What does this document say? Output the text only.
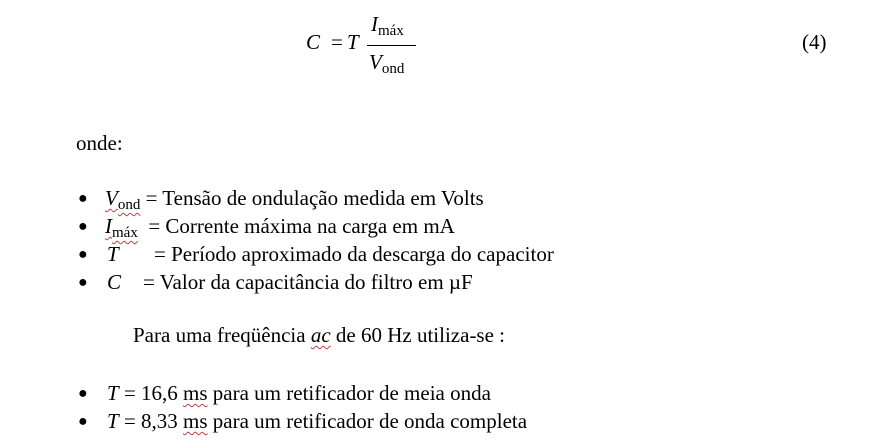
C = T
Imáx
Vond
(4)
onde:
● Vond = Tensão de ondulação medida em Volts
● Imáx = Corrente máxima na carga em mA
● T = Período aproximado da descarga do capacitor
● C = Valor da capacitância do filtro em µF
Para uma freqüência ac de 60 Hz utiliza-se :
● T = 16,6 ms para um retificador de meia onda
● T = 8,33 ms para um retificador de onda completa
